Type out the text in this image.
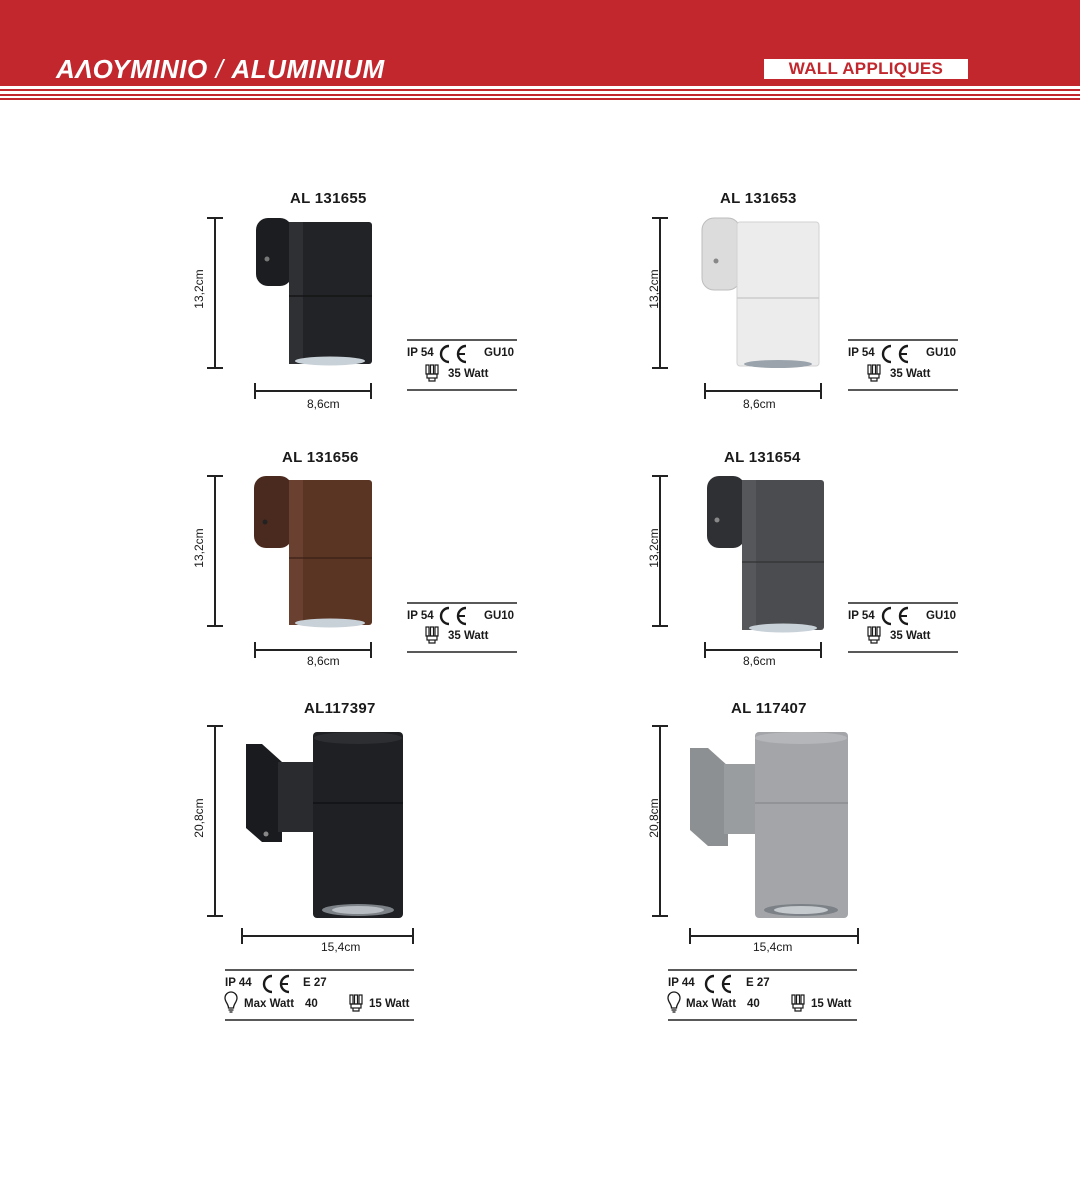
ΑΛΟΥΜΙΝΙΟ / ALUMINIUM	WALL APPLIQUES
AL 131655
13,2cm
8,6cm
IP 54	GU10
35 Watt
AL 131653
13,2cm
8,6cm
IP 54	GU10
35 Watt
AL 131656
13,2cm
8,6cm
IP 54	GU10
35 Watt
AL 131654
13,2cm
8,6cm
IP 54	GU10
35 Watt
AL117397
20,8cm
15,4cm
IP 44	E 27
Max Watt 40	15 Watt
AL 117407
20,8cm
15,4cm
IP 44	E 27
Max Watt 40	15 Watt
